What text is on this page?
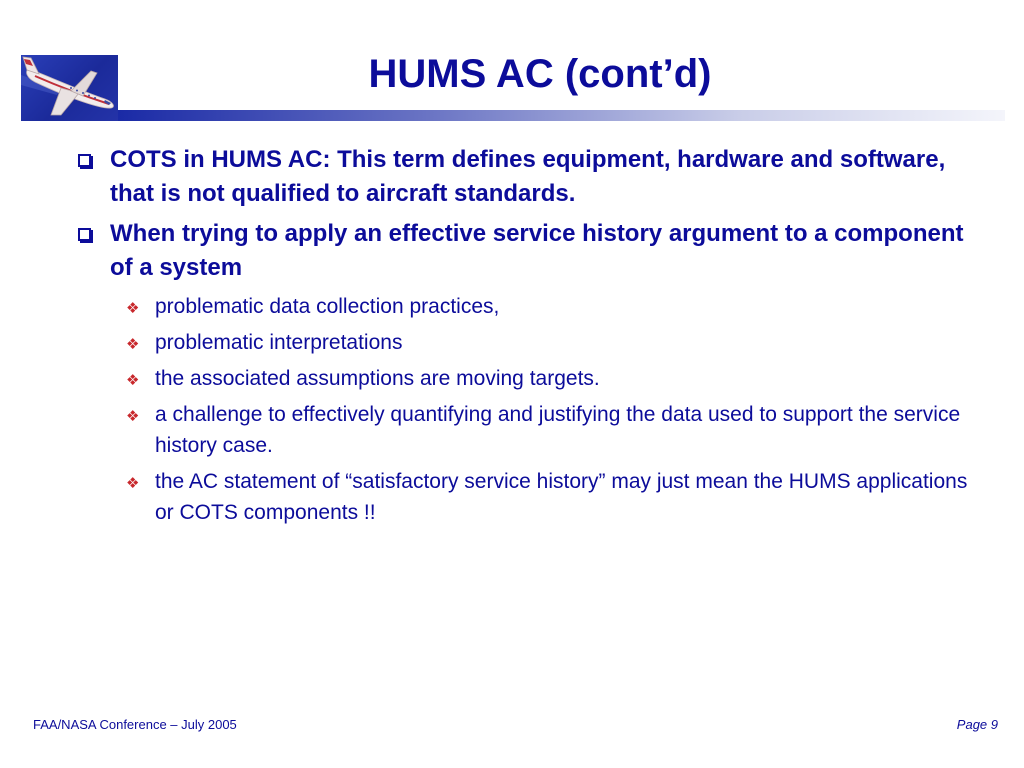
HUMS AC (cont’d)
COTS in HUMS AC: This term defines equipment, hardware and software, that is not qualified to aircraft standards.
When trying to apply an effective service history argument to a component of a system
❖ problematic data collection practices,
❖ problematic interpretations
❖ the associated assumptions are moving targets.
❖ a challenge to effectively quantifying and justifying the data used to support the service history case.
❖ the AC statement of “satisfactory service history” may just mean the HUMS applications or COTS components !!
FAA/NASA Conference – July 2005	Page 9
